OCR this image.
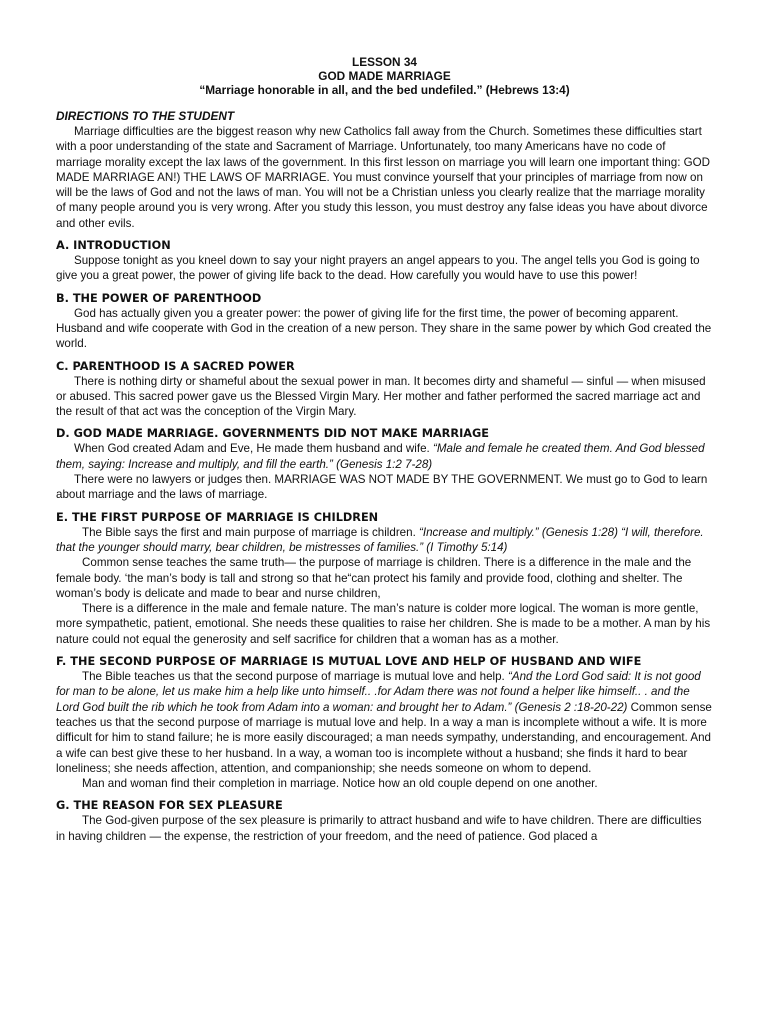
LESSON 34
GOD MADE MARRIAGE
“Marriage honorable in all, and the bed undefiled.” (Hebrews 13:4)
DIRECTIONS TO THE STUDENT

Marriage difficulties are the biggest reason why new Catholics fall away from the Church. Sometimes these difficulties start with a poor understanding of the state and Sacrament of Marriage. Unfortunately, too many Americans have no code of marriage morality except the lax laws of the government. In this first lesson on marriage you will learn one important thing: GOD MADE MARRIAGE AN!) THE LAWS OF MARRIAGE. You must convince yourself that your principles of marriage from now on will be the laws of God and not the laws of man. You will not be a Christian unless you clearly realize that the marriage morality of many people around you is very wrong. After you study this lesson, you must destroy any false ideas you have about divorce and other evils.

A. INTRODUCTION

Suppose tonight as you kneel down to say your night prayers an angel appears to you. The angel tells you God is going to give you a great power, the power of giving life back to the dead. How carefully you would have to use this power!

B. THE POWER OF PARENTHOOD

God has actually given you a greater power: the power of giving life for the first time, the power of becoming apparent. Husband and wife cooperate with God in the creation of a new person. They share in the same power by which God created the world.

C. PARENTHOOD IS A SACRED POWER

There is nothing dirty or shameful about the sexual power in man. It becomes dirty and shameful — sinful — when misused or abused. This sacred power gave us the Blessed Virgin Mary. Her mother and father performed the sacred marriage act and the result of that act was the conception of the Virgin Mary.

D. GOD MADE MARRIAGE. GOVERNMENTS DID NOT MAKE MARRIAGE

When God created Adam and Eve, He made them husband and wife. “Male and female he created them. And God blessed them, saying: Increase and multiply, and fill the earth.” (Genesis 1:2 7-28)

There were no lawyers or judges then. MARRIAGE WAS NOT MADE BY THE GOVERNMENT. We must go to God to learn about marriage and the laws of marriage.

E. THE FIRST PURPOSE OF MARRIAGE IS CHILDREN

The Bible says the first and main purpose of marriage is children. “Increase and multiply.” (Genesis 1:28) “I will, therefore. that the younger should marry, bear children, be mistresses of families.” (I Timothy 5:14)

Common sense teaches the same truth— the purpose of marriage is children. There is a difference in the male and the female body. ‘the man’s body is tall and strong so that he“can protect his family and provide food, clothing and shelter. The woman’s body is delicate and made to bear and nurse children,

There is a difference in the male and female nature. The man’s nature is colder more logical. The woman is more gentle, more sympathetic, patient, emotional. She needs these qualities to raise her children. She is made to be a mother. A man by his nature could not equal the generosity and self sacrifice for children that a woman has as a mother.

F. THE SECOND PURPOSE OF MARRIAGE IS MUTUAL LOVE AND HELP OF HUSBAND AND WIFE

The Bible teaches us that the second purpose of marriage is mutual love and help. “And the Lord God said: It is not good for man to be alone, let us make him a help like unto himself.. .for Adam there was not found a helper like himself.. . and the Lord God built the rib which he took from Adam into a woman: and brought her to Adam.” (Genesis 2 :18-20-22) Common sense teaches us that the second purpose of marriage is mutual love and help. In a way a man is incomplete without a wife. It is more difficult for him to stand failure; he is more easily discouraged; a man needs sympathy, understanding, and encouragement. And a wife can best give these to her husband. In a way, a woman too is incomplete without a husband; she finds it hard to bear loneliness; she needs affection, attention, and companionship; she needs someone on whom to depend.

Man and woman find their completion in marriage. Notice how an old couple depend on one another.

G. THE REASON FOR SEX PLEASURE

The God-given purpose of the sex pleasure is primarily to attract husband and wife to have children. There are difficulties in having children — the expense, the restriction of your freedom, and the need of patience. God placed a
